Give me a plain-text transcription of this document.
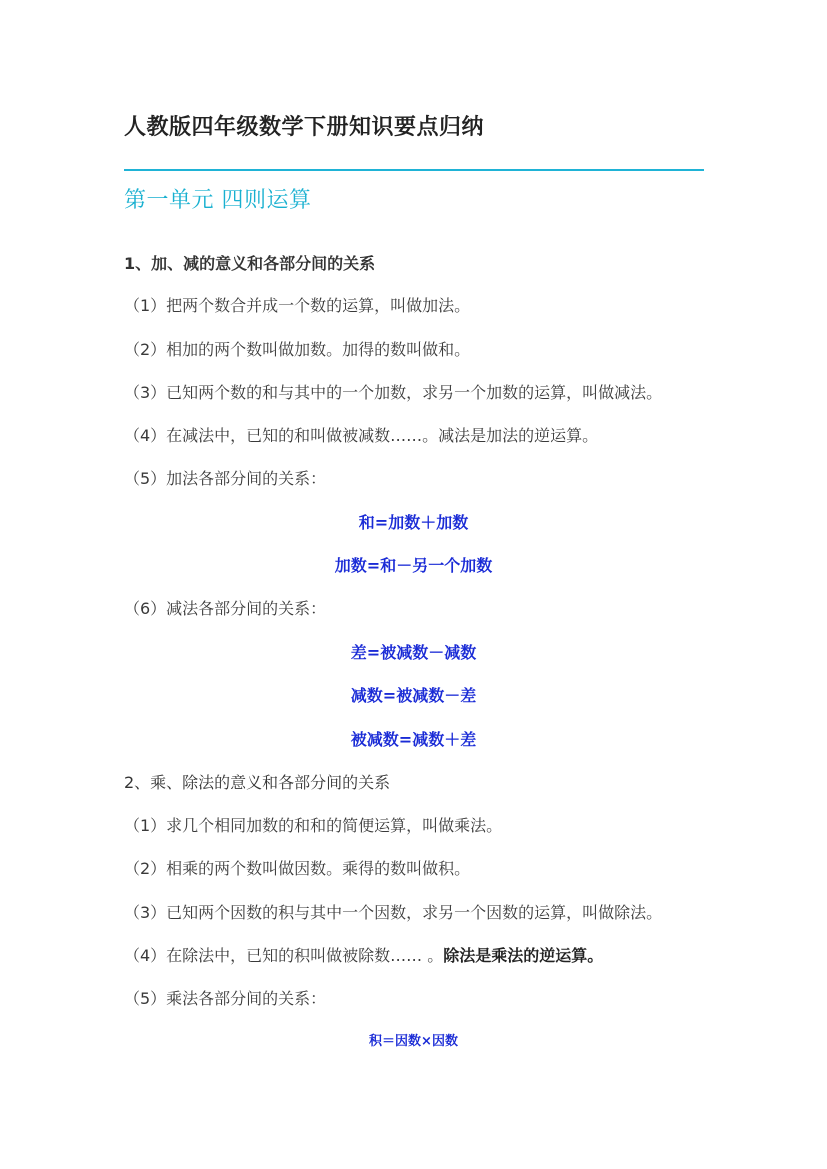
人教版四年级数学下册知识要点归纳
第一单元 四则运算
1、加、减的意义和各部分间的关系
（1）把两个数合并成一个数的运算，叫做加法。
（2）相加的两个数叫做加数。加得的数叫做和。
（3）已知两个数的和与其中的一个加数，求另一个加数的运算，叫做减法。
（4）在减法中，已知的和叫做被减数……。减法是加法的逆运算。
（5）加法各部分间的关系：
和=加数＋加数
加数=和－另一个加数
（6）减法各部分间的关系：
差=被减数－减数
减数=被减数－差
被减数=减数＋差
2、乘、除法的意义和各部分间的关系
（1）求几个相同加数的和和的简便运算，叫做乘法。
（2）相乘的两个数叫做因数。乘得的数叫做积。
（3）已知两个因数的积与其中一个因数，求另一个因数的运算，叫做除法。
（4）在除法中，已知的积叫做被除数…… 。除法是乘法的逆运算。
（5）乘法各部分间的关系：
积＝因数×因数
